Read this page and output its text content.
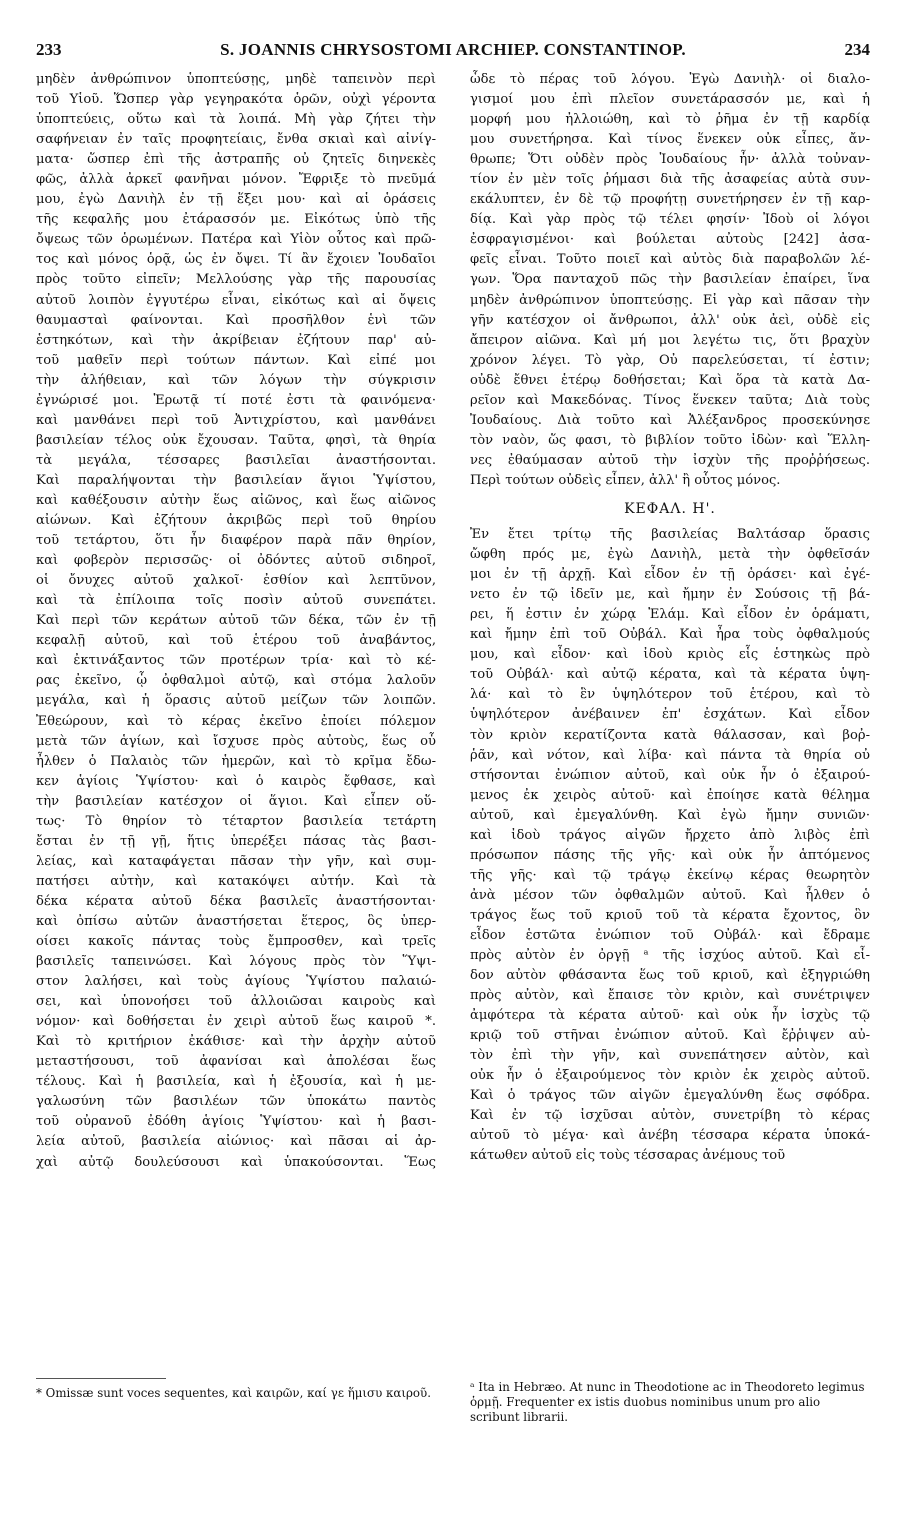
233	S. JOANNIS CHRYSOSTOMI ARCHIEP. CONSTANTINOP.	234
μηδὲν ἀνθρώπινον ὑποπτεύσῃς, μηδὲ ταπεινὸν περὶ
τοῦ Υἱοῦ. Ὥσπερ γὰρ γεγηρακότα ὁρῶν, οὐχὶ γέροντα
ὑποπτεύεις, οὕτω καὶ τὰ λοιπά. Μὴ γὰρ ζήτει τὴν
σαφήνειαν ἐν ταῖς προφητείαις, ἔνθα σκιαὶ καὶ αἰνίγ-
ματα· ὥσπερ ἐπὶ τῆς ἀστραπῆς οὐ ζητεῖς διηνεκὲς
φῶς, ἀλλὰ ἀρκεῖ φανῆναι μόνον. Ἔφριξε τὸ πνεῦμά
μου, ἐγὼ Δανιὴλ ἐν τῇ ἕξει μου· καὶ αἱ ὁράσεις
τῆς κεφαλῆς μου ἐτάρασσόν με. Εἰκότως ὑπὸ τῆς
ὄψεως τῶν ὁρωμένων. Πατέρα καὶ Υἱὸν οὗτος καὶ πρῶ-
τος καὶ μόνος ὁρᾷ, ὡς ἐν ὄψει. Τί ἂν ἔχοιεν Ἰουδαῖοι
πρὸς τοῦτο εἰπεῖν; Μελλούσης γὰρ τῆς παρουσίας
αὐτοῦ λοιπὸν ἐγγυτέρω εἶναι, εἰκότως καὶ αἱ ὄψεις
θαυμασταὶ φαίνονται. Καὶ προσῆλθον ἑνὶ τῶν
ἑστηκότων, καὶ τὴν ἀκρίβειαν ἐζήτουν παρ' αὐ-
τοῦ μαθεῖν περὶ τούτων πάντων. Καὶ εἰπέ μοι
τὴν ἀλήθειαν, καὶ τῶν λόγων τὴν σύγκρισιν
ἐγνώρισέ μοι. Ἐρωτᾷ τί ποτέ ἐστι τὰ φαινόμενα·
καὶ μανθάνει περὶ τοῦ Ἀντιχρίστου, καὶ μανθάνει
βασιλείαν τέλος οὐκ ἔχουσαν. Ταῦτα, φησὶ, τὰ θηρία
τὰ μεγάλα, τέσσαρες βασιλεῖαι ἀναστήσονται.
Καὶ παραλήψονται τὴν βασιλείαν ἅγιοι Ὑψίστου,
καὶ καθέξουσιν αὐτὴν ἕως αἰῶνος, καὶ ἕως αἰῶνος
αἰώνων. Καὶ ἐζήτουν ἀκριβῶς περὶ τοῦ θηρίου
τοῦ τετάρτου, ὅτι ἦν διαφέρον παρὰ πᾶν θηρίον,
καὶ φοβερὸν περισσῶς· οἱ ὀδόντες αὐτοῦ σιδηροῖ,
οἱ ὄνυχες αὐτοῦ χαλκοῖ· ἐσθίον καὶ λεπτῦνον,
καὶ τὰ ἐπίλοιπα τοῖς ποσὶν αὐτοῦ συνεπάτει.
Καὶ περὶ τῶν κεράτων αὐτοῦ τῶν δέκα, τῶν ἐν τῇ
κεφαλῇ αὐτοῦ, καὶ τοῦ ἑτέρου τοῦ ἀναβάντος,
καὶ ἐκτινάξαντος τῶν προτέρων τρία· καὶ τὸ κέ-
ρας ἐκεῖνο, ᾧ ὀφθαλμοὶ αὐτῷ, καὶ στόμα λαλοῦν
μεγάλα, καὶ ἡ ὅρασις αὐτοῦ μείζων τῶν λοιπῶν.
Ἐθεώρουν, καὶ τὸ κέρας ἐκεῖνο ἐποίει πόλεμον
μετὰ τῶν ἁγίων, καὶ ἴσχυσε πρὸς αὐτοὺς, ἕως οὗ
ἦλθεν ὁ Παλαιὸς τῶν ἡμερῶν, καὶ τὸ κρῖμα ἔδω-
κεν ἁγίοις Ὑψίστου· καὶ ὁ καιρὸς ἔφθασε, καὶ
τὴν βασιλείαν κατέσχον οἱ ἅγιοι. Καὶ εἶπεν οὕ-
τως· Τὸ θηρίον τὸ τέταρτον βασιλεία τετάρτη
ἔσται ἐν τῇ γῇ, ἥτις ὑπερέξει πάσας τὰς βασι-
λείας, καὶ καταφάγεται πᾶσαν τὴν γῆν, καὶ συμ-
πατήσει αὐτὴν, καὶ κατακόψει αὐτήν. Καὶ τὰ
δέκα κέρατα αὐτοῦ δέκα βασιλεῖς ἀναστήσονται·
καὶ ὀπίσω αὐτῶν ἀναστήσεται ἕτερος, ὃς ὑπερ-
οίσει κακοῖς πάντας τοὺς ἔμπροσθεν, καὶ τρεῖς
βασιλεῖς ταπεινώσει. Καὶ λόγους πρὸς τὸν Ὕψι-
στον λαλήσει, καὶ τοὺς ἁγίους Ὑψίστου παλαιώ-
σει, καὶ ὑπονοήσει τοῦ ἀλλοιῶσαι καιροὺς καὶ
νόμον· καὶ δοθήσεται ἐν χειρὶ αὐτοῦ ἕως καιροῦ *.
Καὶ τὸ κριτήριον ἐκάθισε· καὶ τὴν ἀρχὴν αὐτοῦ
μεταστήσουσι, τοῦ ἀφανίσαι καὶ ἀπολέσαι ἕως
τέλους. Καὶ ἡ βασιλεία, καὶ ἡ ἐξουσία, καὶ ἡ με-
γαλωσύνη τῶν βασιλέων τῶν ὑποκάτω παντὸς
τοῦ οὐρανοῦ ἐδόθη ἁγίοις Ὑψίστου· καὶ ἡ βασι-
λεία αὐτοῦ, βασιλεία αἰώνιος· καὶ πᾶσαι αἱ ἀρ-
χαὶ αὐτῷ δουλεύσουσι καὶ ὑπακούσονται. Ἕως
ὧδε τὸ πέρας τοῦ λόγου. Ἐγὼ Δανιὴλ· οἱ διαλο-
γισμοί μου ἐπὶ πλεῖον συνετάρασσόν με, καὶ ἡ
μορφή μου ἠλλοιώθη, καὶ τὸ ῥῆμα ἐν τῇ καρδίᾳ
μου συνετήρησα. Καὶ τίνος ἕνεκεν οὐκ εἶπες, ἄν-
θρωπε; Ὅτι οὐδὲν πρὸς Ἰουδαίους ἦν· ἀλλὰ τοὐναν-
τίον ἐν μὲν τοῖς ῥήμασι διὰ τῆς ἀσαφείας αὐτὰ συν-
εκάλυπτεν, ἐν δὲ τῷ προφήτῃ συνετήρησεν ἐν τῇ καρ-
δίᾳ. Καὶ γὰρ πρὸς τῷ τέλει φησίν· Ἰδοὺ οἱ λόγοι
ἐσφραγισμένοι· καὶ βούλεται αὐτοὺς [242] ἀσα-
φεῖς εἶναι. Τοῦτο ποιεῖ καὶ αὐτὸς διὰ παραβολῶν λέ-
γων. Ὅρα πανταχοῦ πῶς τὴν βασιλείαν ἐπαίρει, ἵνα
μηδὲν ἀνθρώπινον ὑποπτεύσῃς. Εἰ γὰρ καὶ πᾶσαν τὴν
γῆν κατέσχον οἱ ἄνθρωποι, ἀλλ' οὐκ ἀεὶ, οὐδὲ εἰς
ἄπειρον αἰῶνα. Καὶ μή μοι λεγέτω τις, ὅτι βραχὺν
χρόνον λέγει. Τὸ γὰρ, Οὐ παρελεύσεται, τί ἐστιν;
οὐδὲ ἔθνει ἑτέρῳ δοθήσεται; Καὶ ὅρα τὰ κατὰ Δα-
ρεῖον καὶ Μακεδόνας. Τίνος ἕνεκεν ταῦτα; Διὰ τοὺς
Ἰουδαίους. Διὰ τοῦτο καὶ Ἀλέξανδρος προσεκύνησε
τὸν ναὸν, ὥς φασι, τὸ βιβλίον τοῦτο ἰδὼν· καὶ Ἕλλη-
νες ἐθαύμασαν αὐτοῦ τὴν ἰσχὺν τῆς προῤῥήσεως.
Περὶ τούτων οὐδεὶς εἶπεν, ἀλλ' ἢ οὗτος μόνος.
ΚΕΦΑΛ. Η'.
Ἐν ἔτει τρίτῳ τῆς βασιλείας Βαλτάσαρ ὅρασις
ὤφθη πρός με, ἐγὼ Δανιὴλ, μετὰ τὴν ὀφθεῖσάν
μοι ἐν τῇ ἀρχῇ. Καὶ εἶδον ἐν τῇ ὁράσει· καὶ ἐγέ-
νετο ἐν τῷ ἰδεῖν με, καὶ ἤμην ἐν Σούσοις τῇ βά-
ρει, ἥ ἐστιν ἐν χώρᾳ Ἐλάμ. Καὶ εἶδον ἐν ὁράματι,
καὶ ἤμην ἐπὶ τοῦ Οὐβάλ. Καὶ ἦρα τοὺς ὀφθαλμούς
μου, καὶ εἶδον· καὶ ἰδοὺ κριὸς εἷς ἑστηκὼς πρὸ
τοῦ Οὐβάλ· καὶ αὐτῷ κέρατα, καὶ τὰ κέρατα ὑψη-
λά· καὶ τὸ ἓν ὑψηλότερον τοῦ ἑτέρου, καὶ τὸ
ὑψηλότερον ἀνέβαινεν ἐπ' ἐσχάτων. Καὶ εἶδον
τὸν κριὸν κερατίζοντα κατὰ θάλασσαν, καὶ βοῤ-
ῥᾶν, καὶ νότον, καὶ λίβα· καὶ πάντα τὰ θηρία οὐ
στήσονται ἐνώπιον αὐτοῦ, καὶ οὐκ ἦν ὁ ἐξαιρού-
μενος ἐκ χειρὸς αὐτοῦ· καὶ ἐποίησε κατὰ θέλημα
αὐτοῦ, καὶ ἐμεγαλύνθη. Καὶ ἐγὼ ἤμην συνιῶν·
καὶ ἰδοὺ τράγος αἰγῶν ἤρχετο ἀπὸ λιβὸς ἐπὶ
πρόσωπον πάσης τῆς γῆς· καὶ οὐκ ἦν ἁπτόμενος
τῆς γῆς· καὶ τῷ τράγῳ ἐκείνῳ κέρας θεωρητὸν
ἀνὰ μέσον τῶν ὀφθαλμῶν αὐτοῦ. Καὶ ἦλθεν ὁ
τράγος ἕως τοῦ κριοῦ τοῦ τὰ κέρατα ἔχοντος, ὃν
εἶδον ἑστῶτα ἐνώπιον τοῦ Οὐβάλ· καὶ ἔδραμε
πρὸς αὐτὸν ἐν ὀργῇ ᵃ τῆς ἰσχύος αὐτοῦ. Καὶ εἶ-
δον αὐτὸν φθάσαντα ἕως τοῦ κριοῦ, καὶ ἐξηγριώθη
πρὸς αὐτὸν, καὶ ἔπαισε τὸν κριὸν, καὶ συνέτριψεν
ἀμφότερα τὰ κέρατα αὐτοῦ· καὶ οὐκ ἦν ἰσχὺς τῷ
κριῷ τοῦ στῆναι ἐνώπιον αὐτοῦ. Καὶ ἔῤῥιψεν αὐ-
τὸν ἐπὶ τὴν γῆν, καὶ συνεπάτησεν αὐτὸν, καὶ
οὐκ ἦν ὁ ἐξαιρούμενος τὸν κριὸν ἐκ χειρὸς αὐτοῦ.
Καὶ ὁ τράγος τῶν αἰγῶν ἐμεγαλύνθη ἕως σφόδρα.
Καὶ ἐν τῷ ἰσχῦσαι αὐτὸν, συνετρίβη τὸ κέρας
αὐτοῦ τὸ μέγα· καὶ ἀνέβη τέσσαρα κέρατα ὑποκά-
κάτωθεν αὐτοῦ εἰς τοὺς τέσσαρας ἀνέμους τοῦ
* Omissæ sunt voces sequentes, καὶ καιρῶν, καί γε ἥμισυ καιροῦ.	ᵃ Ita in Hebræo. At nunc in Theodotione ac in Theodoreto legimus ὁρμῇ. Frequenter ex istis duobus nominibus unum pro alio scribunt librarii.
